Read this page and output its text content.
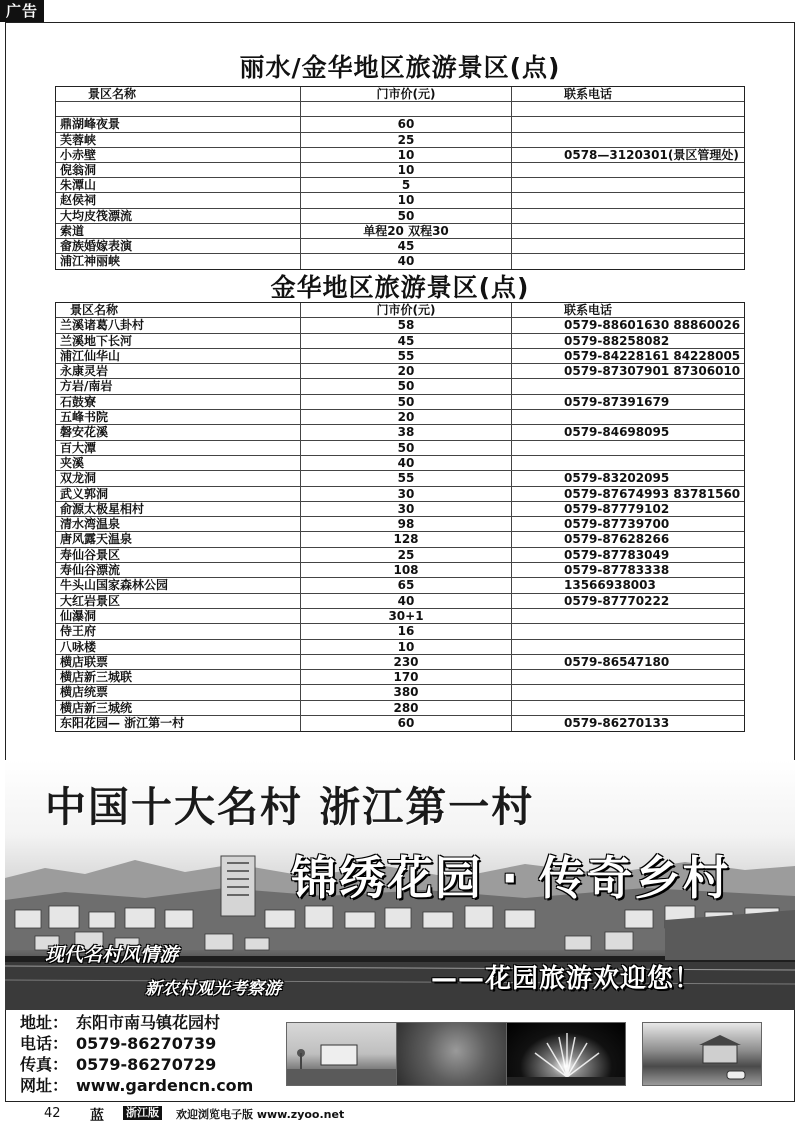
广告
丽水/金华地区旅游景区(点)
景区名称	门市价(元)	联系电话
鼎湖峰夜景	60
芙蓉峡	25
小赤壁	10	0578—3120301(景区管理处)
倪翁洞	10
朱潭山	5
赵侯祠	10
大均皮筏漂流	50
索道	单程20 双程30
畲族婚嫁表演	45
浦江神丽峡	40
金华地区旅游景区(点)
景区名称	门市价(元)	联系电话
兰溪诸葛八卦村	58	0579-88601630 88860026
兰溪地下长河	45	0579-88258082
浦江仙华山	55	0579-84228161 84228005
永康灵岩	20	0579-87307901 87306010
方岩/南岩	50
石鼓寮	50	0579-87391679
五峰书院	20
磐安花溪	38	0579-84698095
百大潭	50
夹溪	40
双龙洞	55	0579-83202095
武义郭洞	30	0579-87674993 83781560
俞源太极星相村	30	0579-87779102
清水湾温泉	98	0579-87739700
唐风露天温泉	128	0579-87628266
寿仙谷景区	25	0579-87783049
寿仙谷漂流	108	0579-87783338
牛头山国家森林公园	65	13566938003
大红岩景区	40	0579-87770222
仙瀑洞	30+1
侍王府	16
八咏楼	10
横店联票	230	0579-86547180
横店新三城联	170
横店统票	380
横店新三城统	280
东阳花园— 浙江第一村	60	0579-86270133
中国十大名村 浙江第一村
锦绣花园 · 传奇乡村
现代名村风情游
新农村观光考察游	——花园旅游欢迎您！
地址： 东阳市南马镇花园村
电话： 0579-86270739
传真： 0579-86270729
网址： www.gardencn.com
42 蓝 浙江版 欢迎浏览电子版 www.zyoo.net
